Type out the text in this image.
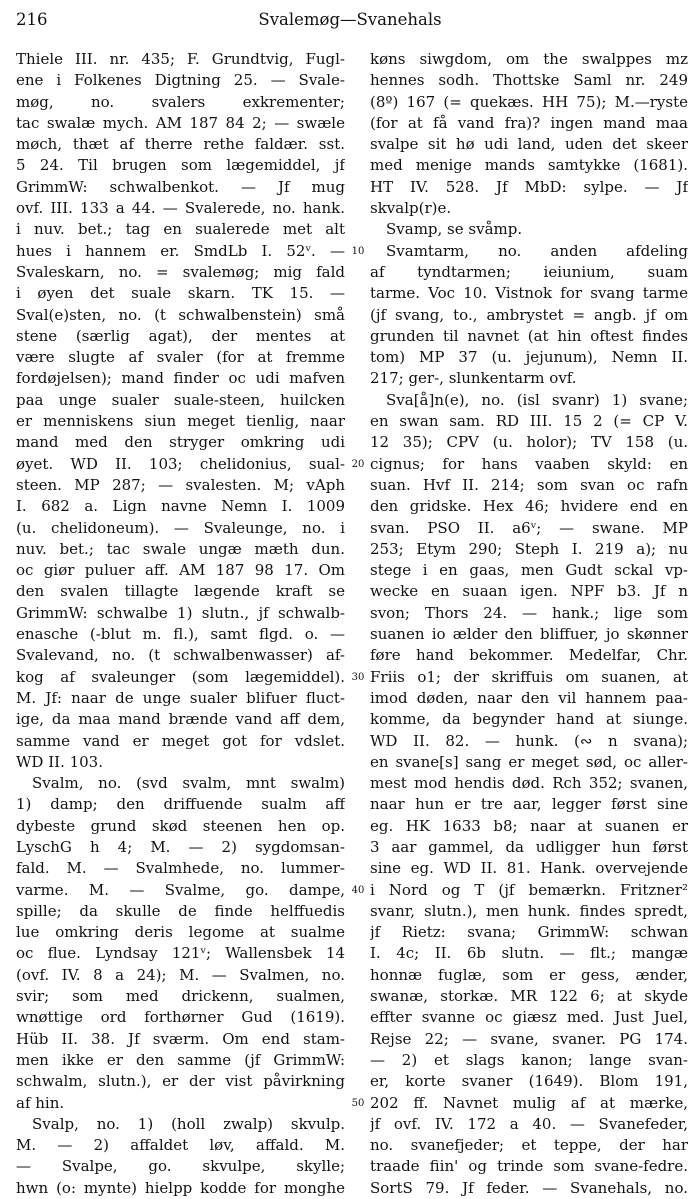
216	Svalemøg—Svanehals
Thiele III. nr. 435; F. Grundtvig, Fugl-
ene i Folkenes Digtning 25. — Svale-
møg, no. svalers exkrementer;
tac swalæ mych. AM 187 84 2; — swæle
møch, thæt af therre rethe faldær. sst.
5 24. Til brugen som lægemiddel, jf
GrimmW: schwalbenkot. — Jf mug
ovf. III. 133 a 44. — Svalerede, no. hank.
i nuv. bet.; tag en sualerede met alt
hues i hannem er. SmdLb I. 52ᵛ. —
Svaleskarn, no. = svalemøg; mig fald
i øyen det suale skarn. TK 15. —
Sval(e)sten, no. (t schwalbenstein) små
stene (særlig agat), der mentes at
være slugte af svaler (for at fremme
fordøjelsen); mand finder oc udi mafven
paa unge sualer suale-steen, huilcken
er menniskens siun meget tienlig, naar
mand med den stryger omkring udi
øyet. WD II. 103; chelidonius, sual-
steen. MP 287; — svalesten. M; vAph
I. 682 a. Lign navne Nemn I. 1009
(u. chelidoneum). — Svaleunge, no. i
nuv. bet.; tac swale ungæ mæth dun.
oc giør puluer aff. AM 187 98 17. Om
den svalen tillagte lægende kraft se
GrimmW: schwalbe 1) slutn., jf schwalb-
enasche (-blut m. fl.), samt flgd. o. —
Svalevand, no. (t schwalbenwasser) af-
kog af svaleunger (som lægemiddel).
M. Jf: naar de unge sualer blifuer fluct-
ige, da maa mand brænde vand aff dem,
samme vand er meget got for vdslet.
WD II. 103.
Svalm, no. (svd svalm, mnt swalm)
1) damp; den driffuende sualm aff
dybeste grund skød steenen hen op.
LyschG h 4; M. — 2) sygdomsan-
fald. M. — Svalmhede, no. lummer-
varme. M. — Svalme, go. dampe,
spille; da skulle de finde helffuedis
lue omkring deris legome at sualme
oc flue. Lyndsay 121ᵛ; Wallensbek 14
(ovf. IV. 8 a 24); M. — Svalmen, no.
svir; som med drickenn, sualmen,
wnøttige ord forthørner Gud (1619).
Hüb II. 38. Jf sværm. Om end stam-
men ikke er den samme (jf GrimmW:
schwalm, slutn.), er der vist påvirkning
af hin.
Svalp, no. 1) (holl zwalp) skvulp.
M. — 2) affaldet løv, affald. M.
— Svalpe, go. skvulpe, skylle;
hwn (o: mynte) hielpp kodde for monghe
10
20
30
40
50
køns siwgdom, om the swalppes mz
hennes sodh. Thottske Saml nr. 249
(8º) 167 (= quekæs. HH 75); M.—ryste
(for at få vand fra)? ingen mand maa
svalpe sit hø udi land, uden det skeer
med menige mands samtykke (1681).
HT IV. 528. Jf MbD: sylpe. — Jf
skvalp(r)e.
Svamp, se svåmp.
Svamtarm, no. anden afdeling
af tyndtarmen; ieiunium, suam
tarme. Voc 10. Vistnok for svang tarme
(jf svang, to., ambrystet = angb. jf om
grunden til navnet (at hin oftest findes
tom) MP 37 (u. jejunum), Nemn II.
217; ger-, slunkentarm ovf.
Sva[å]n(e), no. (isl svanr) 1) svane;
en swan sam. RD III. 15 2 (= CP V.
12 35); CPV (u. holor); TV 158 (u.
cignus; for hans vaaben skyld: en
suan. Hvf II. 214; som svan oc rafn
den gridske. Hex 46; hvidere end en
svan. PSO II. a6ᵛ; — swane. MP
253; Etym 290; Steph I. 219 a); nu
stege i en gaas, men Gudt sckal vp-
wecke en suaan igen. NPF b3. Jf n
svon; Thors 24. — hank.; lige som
suanen io ælder den bliffuer, jo skønner
føre hand bekommer. Medelfar, Chr.
Friis o1; der skriffuis om suanen, at
imod døden, naar den vil hannem paa-
komme, da begynder hand at siunge.
WD II. 82. — hunk. (∾ n svana);
en svane[s] sang er meget sød, oc aller-
mest mod hendis død. Rch 352; svanen,
naar hun er tre aar, legger først sine
eg. HK 1633 b8; naar at suanen er
3 aar gammel, da udligger hun først
sine eg. WD II. 81. Hank. overvejende
i Nord og T (jf bemærkn. Fritzner²
svanr, slutn.), men hunk. findes spredt,
jf Rietz: svana; GrimmW: schwan
I. 4c; II. 6b slutn. — flt.; mangæ
honnæ fuglæ, som er gess, ænder,
swanæ, storkæ. MR 122 6; at skyde
effter svanne oc giæsz med. Just Juel,
Rejse 22; — svane, svaner. PG 174.
— 2) et slags kanon; lange svan-
er, korte svaner (1649). Blom 191,
202 ff. Navnet mulig af at mærke,
jf ovf. IV. 172 a 40. — Svanefeder,
no. svanefjeder; et teppe, der har
traade fiin' og trinde som svane-fedre.
SortS 79. Jf feder. — Svanehals, no.
